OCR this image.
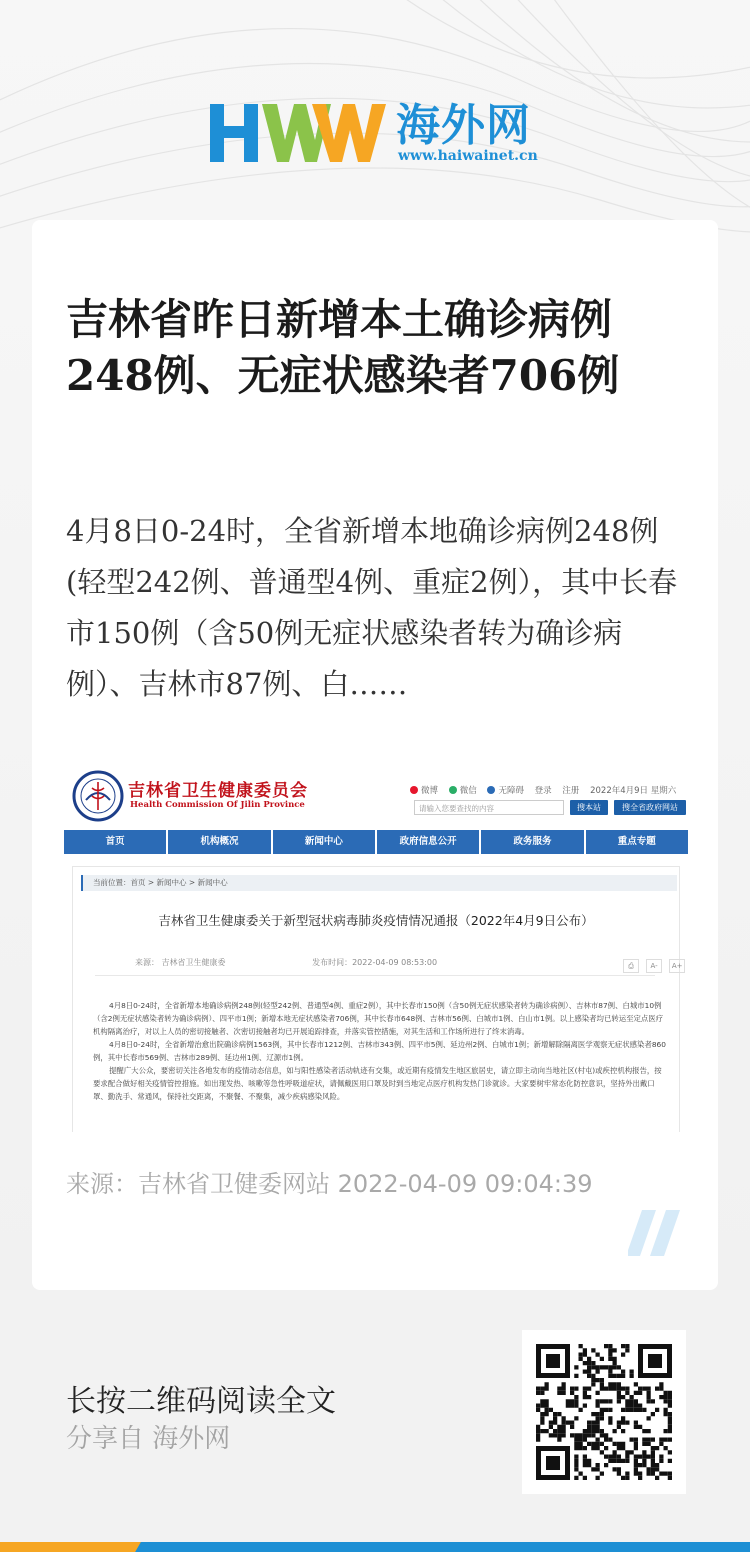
海外网
www.haiwainet.cn
吉林省昨日新增本土确诊病例248例、无症状感染者706例

4月8日0-24时，全省新增本地确诊病例248例(轻型242例、普通型4例、重症2例），其中长春市150例（含50例无症状感染者转为确诊病例）、吉林市87例、白……

吉林省卫生健康委员会
Health Commission Of Jilin Province
微博	微信	无障碍 登录 注册 2022年4月9日 星期六
请输入您要查找的内容	搜本站	搜全省政府网站
首页	机构概况	新闻中心	政府信息公开	政务服务	重点专题
当前位置：首页 > 新闻中心 > 新闻中心
吉林省卫生健康委关于新型冠状病毒肺炎疫情情况通报（2022年4月9日公布）
来源： 吉林省卫生健康委	发布时间：2022-04-09 08:53:00	⎙ A- A+

4月8日0-24时，全省新增本地确诊病例248例(轻型242例、普通型4例、重症2例），其中长春市150例（含50例无症状感染者转为确诊病例）、吉林市87例、白城市10例（含2例无症状感染者转为确诊病例）、四平市1例；新增本地无症状感染者706例，其中长春市648例、吉林市56例、白城市1例、白山市1例。以上感染者均已转运至定点医疗机构隔离治疗，对以上人员的密切接触者、次密切接触者均已开展追踪排查，并落实管控措施，对其生活和工作场所进行了终末消毒。

4月8日0-24时，全省新增治愈出院确诊病例1563例，其中长春市1212例、吉林市343例、四平市5例、延边州2例、白城市1例；新增解除隔离医学观察无症状感染者860例，其中长春市569例、吉林市289例、延边州1例、辽源市1例。

提醒广大公众，要密切关注各地发布的疫情动态信息，如与阳性感染者活动轨迹有交集，或近期有疫情发生地区旅居史，请立即主动向当地社区(村屯)或疾控机构报告，按要求配合做好相关疫情管控措施。如出现发热、咳嗽等急性呼吸道症状，请佩戴医用口罩及时到当地定点医疗机构发热门诊就诊。大家要树牢常态化防控意识，坚持外出戴口罩、勤洗手、常通风，保持社交距离，不聚餐、不聚集，减少疾病感染风险。

来源：吉林省卫健委网站 2022-04-09 09:04:39
长按二维码阅读全文
分享自 海外网
